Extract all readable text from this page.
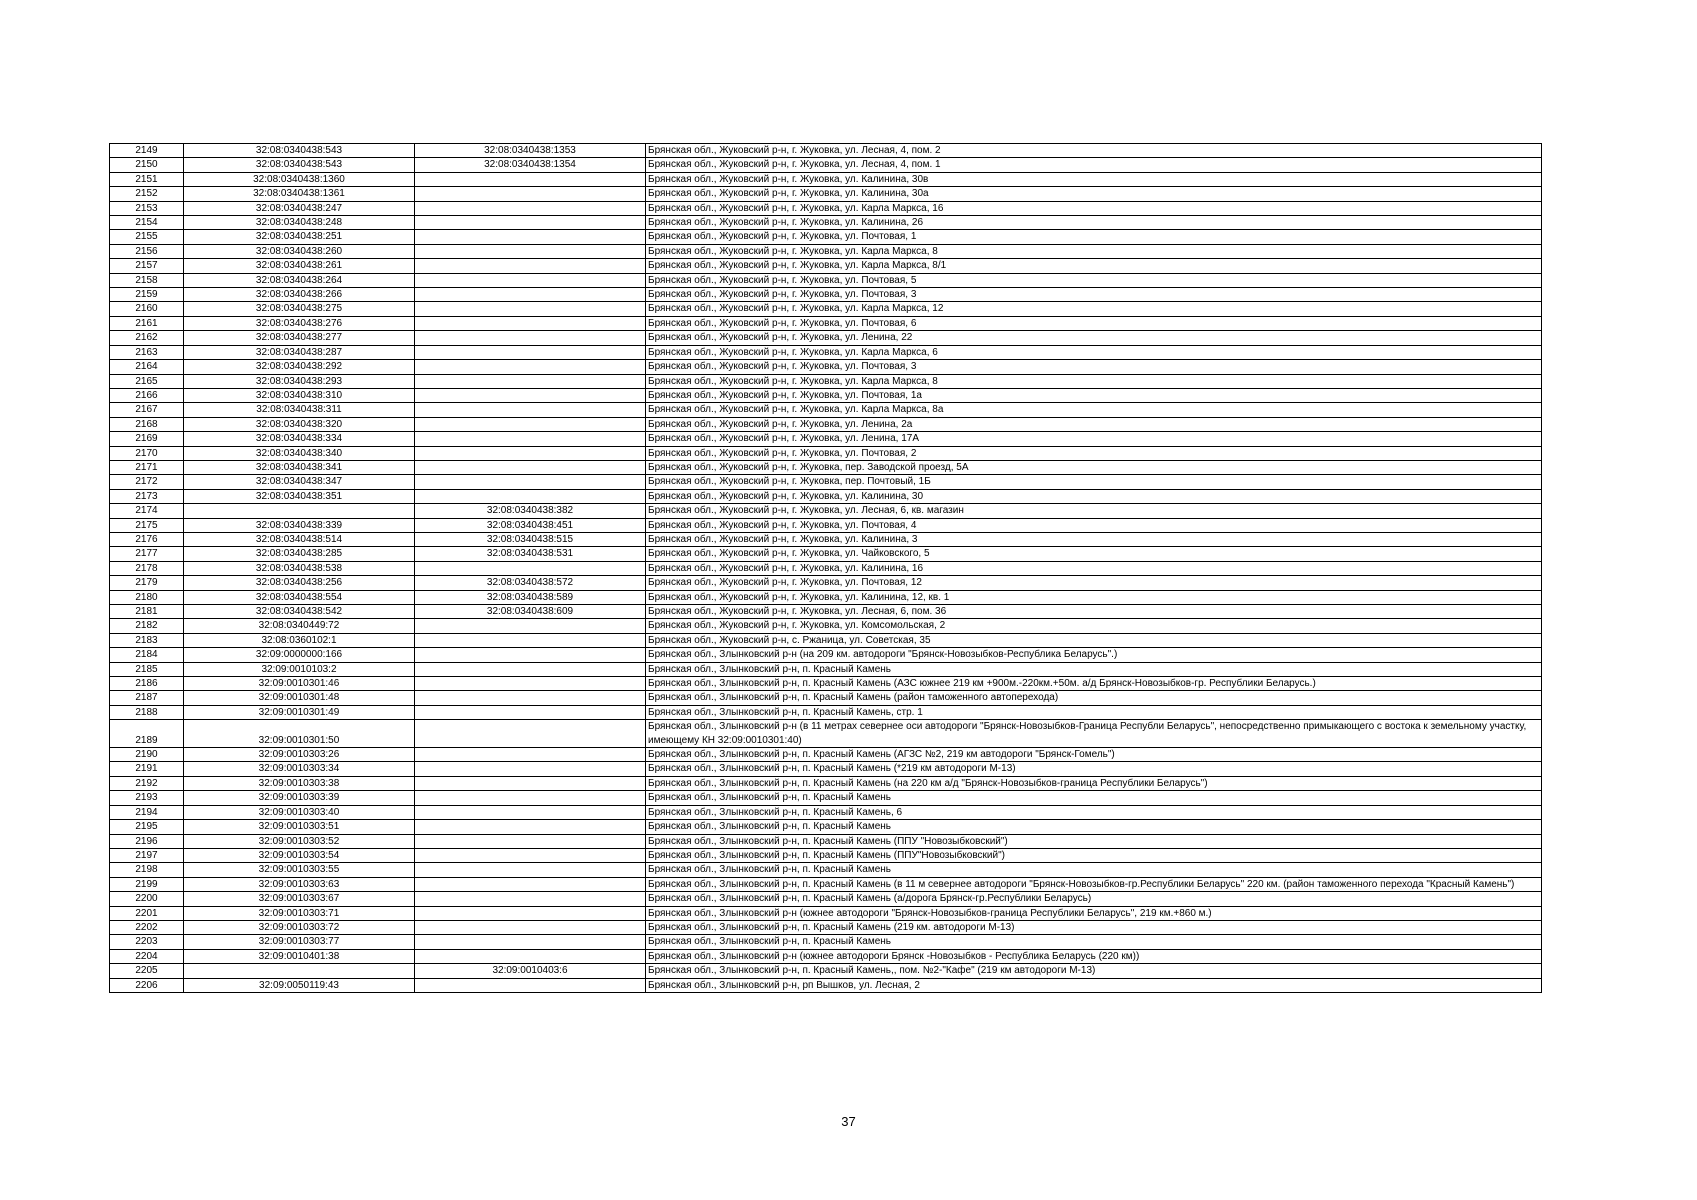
2149	32:08:0340438:543	32:08:0340438:1353	Брянская обл., Жуковский р-н, г. Жуковка, ул. Лесная, 4, пом. 2
2150	32:08:0340438:543	32:08:0340438:1354	Брянская обл., Жуковский р-н, г. Жуковка, ул. Лесная, 4, пом. 1
2151	32:08:0340438:1360		Брянская обл., Жуковский р-н, г. Жуковка, ул. Калинина, 30в
2152	32:08:0340438:1361		Брянская обл., Жуковский р-н, г. Жуковка, ул. Калинина, 30а
2153	32:08:0340438:247		Брянская обл., Жуковский р-н, г. Жуковка, ул. Карла Маркса, 16
2154	32:08:0340438:248		Брянская обл., Жуковский р-н, г. Жуковка, ул. Калинина, 26
2155	32:08:0340438:251		Брянская обл., Жуковский р-н, г. Жуковка, ул. Почтовая, 1
2156	32:08:0340438:260		Брянская обл., Жуковский р-н, г. Жуковка, ул. Карла Маркса, 8
2157	32:08:0340438:261		Брянская обл., Жуковский р-н, г. Жуковка, ул. Карла Маркса, 8/1
2158	32:08:0340438:264		Брянская обл., Жуковский р-н, г. Жуковка, ул. Почтовая, 5
2159	32:08:0340438:266		Брянская обл., Жуковский р-н, г. Жуковка, ул. Почтовая, 3
2160	32:08:0340438:275		Брянская обл., Жуковский р-н, г. Жуковка, ул. Карла Маркса, 12
2161	32:08:0340438:276		Брянская обл., Жуковский р-н, г. Жуковка, ул. Почтовая, 6
2162	32:08:0340438:277		Брянская обл., Жуковский р-н, г. Жуковка, ул. Ленина, 22
2163	32:08:0340438:287		Брянская обл., Жуковский р-н, г. Жуковка, ул. Карла Маркса, 6
2164	32:08:0340438:292		Брянская обл., Жуковский р-н, г. Жуковка, ул. Почтовая, 3
2165	32:08:0340438:293		Брянская обл., Жуковский р-н, г. Жуковка, ул. Карла Маркса, 8
2166	32:08:0340438:310		Брянская обл., Жуковский р-н, г. Жуковка, ул. Почтовая, 1а
2167	32:08:0340438:311		Брянская обл., Жуковский р-н, г. Жуковка, ул. Карла Маркса, 8а
2168	32:08:0340438:320		Брянская обл., Жуковский р-н, г. Жуковка, ул. Ленина, 2а
2169	32:08:0340438:334		Брянская обл., Жуковский р-н, г. Жуковка, ул. Ленина, 17А
2170	32:08:0340438:340		Брянская обл., Жуковский р-н, г. Жуковка, ул. Почтовая, 2
2171	32:08:0340438:341		Брянская обл., Жуковский р-н, г. Жуковка, пер. Заводской проезд, 5А
2172	32:08:0340438:347		Брянская обл., Жуковский р-н, г. Жуковка, пер. Почтовый, 1Б
2173	32:08:0340438:351		Брянская обл., Жуковский р-н, г. Жуковка, ул. Калинина, 30
2174		32:08:0340438:382	Брянская обл., Жуковский р-н, г. Жуковка, ул. Лесная, 6, кв. магазин
2175	32:08:0340438:339	32:08:0340438:451	Брянская обл., Жуковский р-н, г. Жуковка, ул. Почтовая, 4
2176	32:08:0340438:514	32:08:0340438:515	Брянская обл., Жуковский р-н, г. Жуковка, ул. Калинина, 3
2177	32:08:0340438:285	32:08:0340438:531	Брянская обл., Жуковский р-н, г. Жуковка, ул. Чайковского, 5
2178	32:08:0340438:538		Брянская обл., Жуковский р-н, г. Жуковка, ул. Калинина, 16
2179	32:08:0340438:256	32:08:0340438:572	Брянская обл., Жуковский р-н, г. Жуковка, ул. Почтовая, 12
2180	32:08:0340438:554	32:08:0340438:589	Брянская обл., Жуковский р-н, г. Жуковка, ул. Калинина, 12, кв. 1
2181	32:08:0340438:542	32:08:0340438:609	Брянская обл., Жуковский р-н, г. Жуковка, ул. Лесная, 6, пом. 36
2182	32:08:0340449:72		Брянская обл., Жуковский р-н, г. Жуковка, ул. Комсомольская, 2
2183	32:08:0360102:1		Брянская обл., Жуковский р-н, с. Ржаница, ул. Советская, 35
2184	32:09:0000000:166		Брянская обл., Злынковский р-н (на 209 км. автодороги "Брянск-Новозыбков-Республика Беларусь".)
2185	32:09:0010103:2		Брянская обл., Злынковский р-н, п. Красный Камень
2186	32:09:0010301:46		Брянская обл., Злынковский р-н, п. Красный Камень (АЗС южнее 219 км +900м.-220км.+50м. а/д Брянск-Новозыбков-гр. Республики Беларусь.)
2187	32:09:0010301:48		Брянская обл., Злынковский р-н, п. Красный Камень (район таможенного автоперехода)
2188	32:09:0010301:49		Брянская обл., Злынковский р-н, п. Красный Камень, стр. 1
2189	32:09:0010301:50		Брянская обл., Злынковский р-н (в 11 метрах севернее оси автодороги "Брянск-Новозыбков-Граница Республи Беларусь", непосредственно примыкающего с востока к земельному участку, имеющему КН 32:09:0010301:40)
2190	32:09:0010303:26		Брянская обл., Злынковский р-н, п. Красный Камень (АГЗС №2, 219 км автодороги "Брянск-Гомель")
2191	32:09:0010303:34		Брянская обл., Злынковский р-н, п. Красный Камень (*219 км автодороги М-13)
2192	32:09:0010303:38		Брянская обл., Злынковский р-н, п. Красный Камень (на 220 км а/д "Брянск-Новозыбков-граница Республики Беларусь")
2193	32:09:0010303:39		Брянская обл., Злынковский р-н, п. Красный Камень
2194	32:09:0010303:40		Брянская обл., Злынковский р-н, п. Красный Камень, 6
2195	32:09:0010303:51		Брянская обл., Злынковский р-н, п. Красный Камень
2196	32:09:0010303:52		Брянская обл., Злынковский р-н, п. Красный Камень (ППУ "Новозыбковский")
2197	32:09:0010303:54		Брянская обл., Злынковский р-н, п. Красный Камень (ППУ"Новозыбковский")
2198	32:09:0010303:55		Брянская обл., Злынковский р-н, п. Красный Камень
2199	32:09:0010303:63		Брянская обл., Злынковский р-н, п. Красный Камень (в 11 м севернее автодороги "Брянск-Новозыбков-гр.Республики Беларусь" 220 км. (район таможенного перехода "Красный Камень")
2200	32:09:0010303:67		Брянская обл., Злынковский р-н, п. Красный Камень (а/дорога Брянск-гр.Республики Беларусь)
2201	32:09:0010303:71		Брянская обл., Злынковский р-н (южнее автодороги "Брянск-Новозыбков-граница Республики Беларусь", 219 км.+860 м.)
2202	32:09:0010303:72		Брянская обл., Злынковский р-н, п. Красный Камень (219 км. автодороги М-13)
2203	32:09:0010303:77		Брянская обл., Злынковский р-н, п. Красный Камень
2204	32:09:0010401:38		Брянская обл., Злынковский р-н (южнее автодороги Брянск -Новозыбков - Республика Беларусь (220 км))
2205		32:09:0010403:6	Брянская обл., Злынковский р-н, п. Красный Камень,, пом. №2-"Кафе" (219 км автодороги М-13)
2206	32:09:0050119:43		Брянская обл., Злынковский р-н, рп Вышков, ул. Лесная, 2
37
